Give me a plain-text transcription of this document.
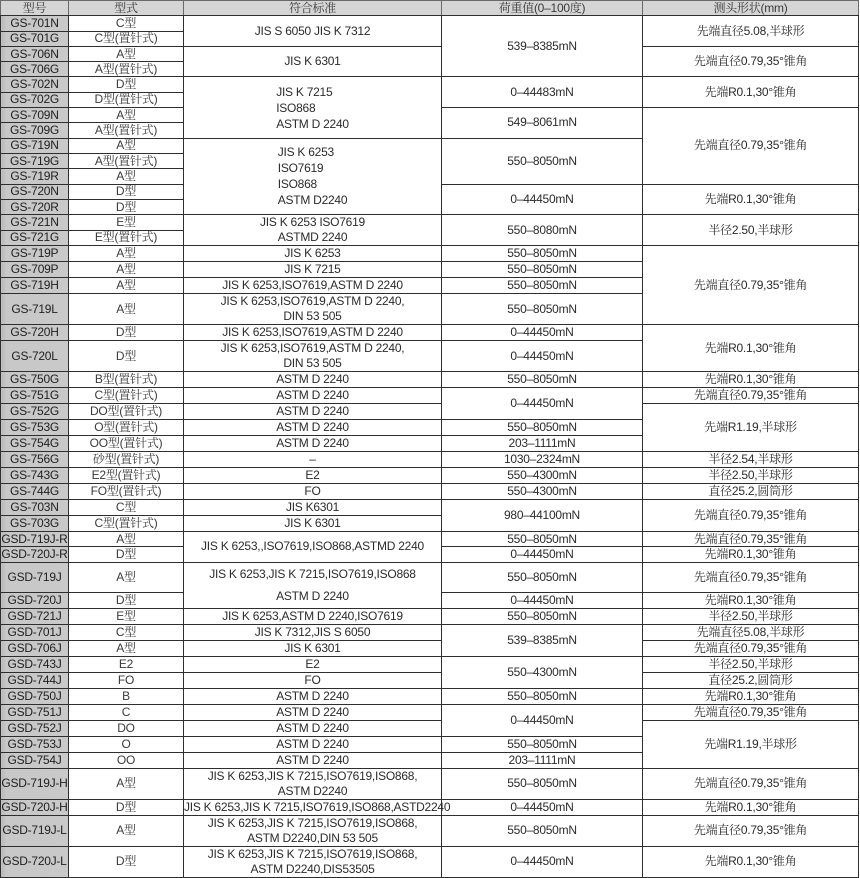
型号	型式	符合标准	荷重值(0–100度)	测头形状(mm)
GS-701N	C型	JIS S 6050 JIS K 7312	539–8385mN	先端直径5.08,半球形
GS-701G	C型(置针式)			
GS-706N	A型	JIS K 6301		先端直径0.79,35°锥角
GS-706G	A型(置针式)			
GS-702N	D型	JIS K 7215
ISO868
ASTM D 2240	0–44483mN	先端R0.1,30°锥角
GS-702G	D型(置针式)			
GS-709N	A型		549–8061mN	先端直径0.79,35°锥角
GS-709G	A型(置针式)			
GS-719N	A型	JIS K 6253
ISO7619
ISO868
ASTM D2240	550–8050mN	
GS-719G	A型(置针式)			
GS-719R	A型			
GS-720N	D型		0–44450mN	先端R0.1,30°锥角
GS-720R	D型			
GS-721N	E型	JIS K 6253 ISO7619
ASTMD 2240	550–8080mN	半径2.50,半球形
GS-721G	E型(置针式)			
GS-719P	A型	JIS K 6253	550–8050mN	先端直径0.79,35°锥角
GS-709P	A型	JIS K 7215	550–8050mN	
GS-719H	A型	JIS K 6253,ISO7619,ASTM D 2240	550–8050mN	
GS-719L	A型	JIS K 6253,ISO7619,ASTM D 2240,
DIN 53 505	550–8050mN	
GS-720H	D型	JIS K 6253,ISO7619,ASTM D 2240	0–44450mN	先端R0.1,30°锥角
GS-720L	D型	JIS K 6253,ISO7619,ASTM D 2240,
DIN 53 505	0–44450mN	
GS-750G	B型(置针式)	ASTM D 2240	550–8050mN	先端R0.1,30°锥角
GS-751G	C型(置针式)	ASTM D 2240	0–44450mN	先端直径0.79,35°锥角
GS-752G	DO型(置针式)	ASTM D 2240		先端R1.19,半球形
GS-753G	O型(置针式)	ASTM D 2240	550–8050mN	
GS-754G	OO型(置针式)	ASTM D 2240	203–1111mN	
GS-756G	砂型(置针式)	–	1030–2324mN	半径2.54,半球形
GS-743G	E2型(置针式)	E2	550–4300mN	半径2.50,半球形
GS-744G	FO型(置针式)	FO	550–4300mN	直径25.2,圆筒形
GS-703N	C型	JIS K6301	980–44100mN	先端直径0.79,35°锥角
GS-703G	C型(置针式)	JIS K 6301		

GSD-719J-R	A型	JIS K 6253,,ISO7619,ISO868,ASTMD 2240	550–8050mN	先端直径0.79,35°锥角
GSD-720J-R	D型		0–44450mN	先端R0.1,30°锥角
GSD-719J	A型	JIS K 6253,JIS K 7215,ISO7619,ISO868
ASTM D 2240	550–8050mN	先端直径0.79,35°锥角
GSD-720J	D型		0–44450mN	先端R0.1,30°锥角
GSD-721J	E型	JIS K 6253,ASTM D 2240,ISO7619	550–8050mN	半径2.50,半球形
GSD-701J	C型	JIS K 7312,JIS S 6050	539–8385mN	先端直径5.08,半球形
GSD-706J	A型	JIS K 6301		先端直径0.79,35°锥角
GSD-743J	E2	E2	550–4300mN	半径2.50,半球形
GSD-744J	FO	FO		直径25.2,圆筒形
GSD-750J	B	ASTM D 2240	550–8050mN	先端R0.1,30°锥角
GSD-751J	C	ASTM D 2240	0–44450mN	先端直径0.79,35°锥角
GSD-752J	DO	ASTM D 2240		先端R1.19,半球形
GSD-753J	O	ASTM D 2240	550–8050mN	
GSD-754J	OO	ASTM D 2240	203–1111mN	
GSD-719J-H	A型	JIS K 6253,JIS K 7215,ISO7619,ISO868,
ASTM D2240	550–8050mN	先端直径0.79,35°锥角
GSD-720J-H	D型	JIS K 6253,JIS K 7215,ISO7619,ISO868,ASTD2240	0–44450mN	先端R0.1,30°锥角
GSD-719J-L	A型	JIS K 6253,JIS K 7215,ISO7619,ISO868,
ASTM D2240,DIN 53 505	550–8050mN	先端直径0.79,35°锥角
GSD-720J-L	D型	JIS K 6253,JIS K 7215,ISO7619,ISO868,
ASTM D2240,DIS53505	0–44450mN	先端R0.1,30°锥角
